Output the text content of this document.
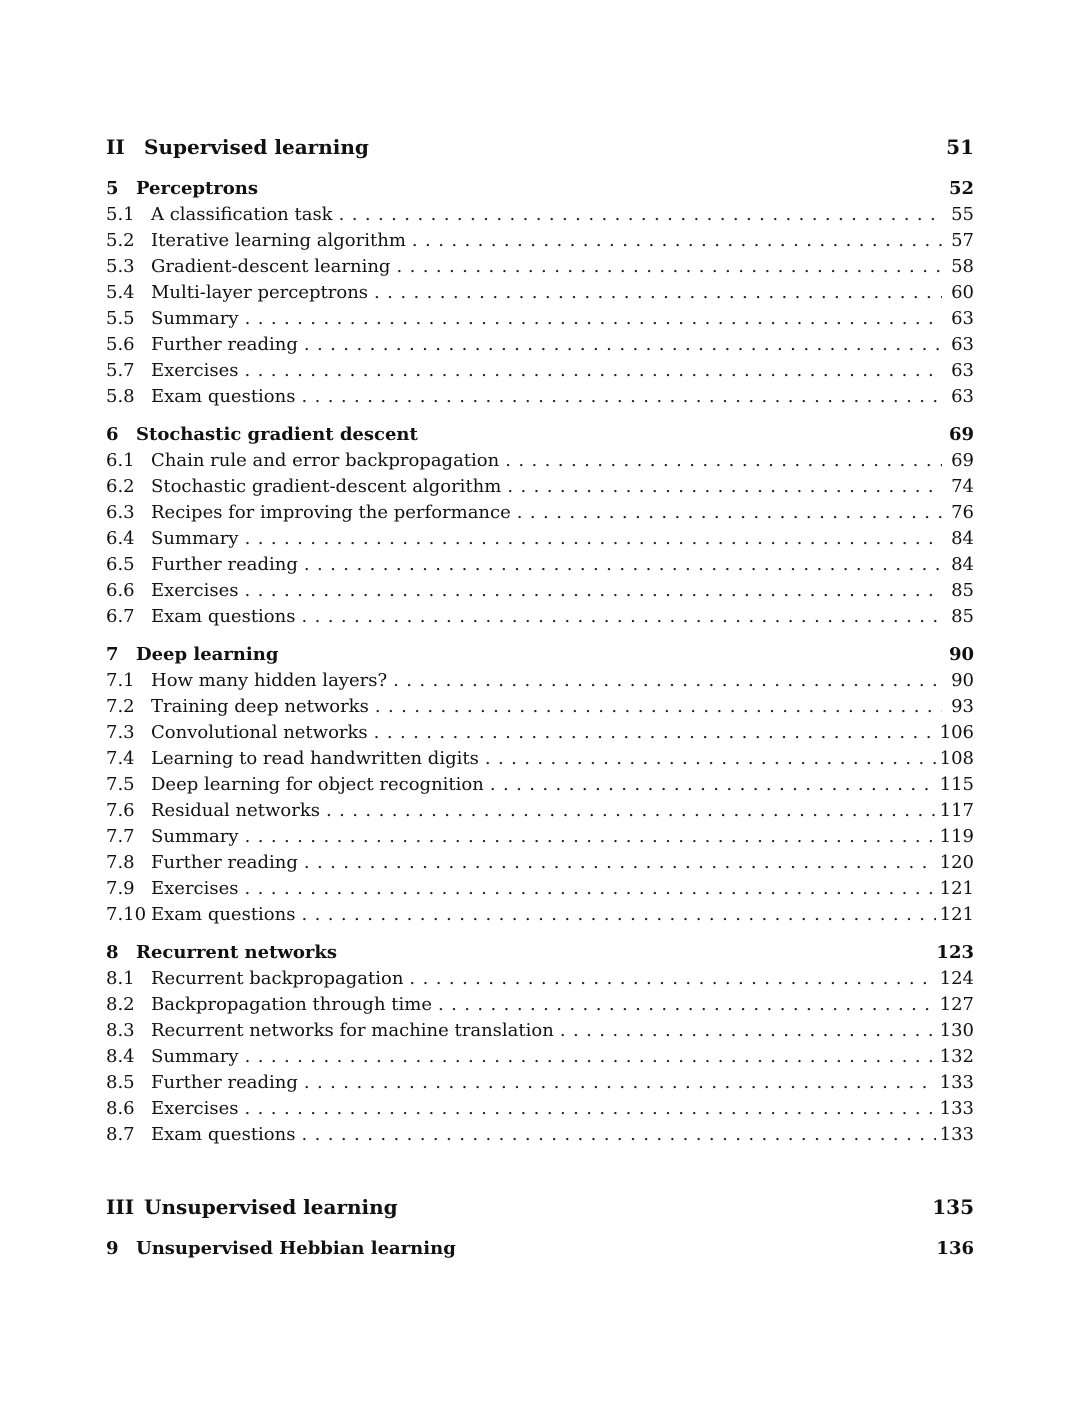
II Supervised learning	51
5 Perceptrons	52
5.1 A classification task . . .	55
5.2 Iterative learning algorithm . . .	57
5.3 Gradient-descent learning . . .	58
5.4 Multi-layer perceptrons . . .	60
5.5 Summary . . .	63
5.6 Further reading . . .	63
5.7 Exercises . . .	63
5.8 Exam questions . . .	63
6 Stochastic gradient descent	69
6.1 Chain rule and error backpropagation . . .	69
6.2 Stochastic gradient-descent algorithm . . .	74
6.3 Recipes for improving the performance . . .	76
6.4 Summary . . .	84
6.5 Further reading . . .	84
6.6 Exercises . . .	85
6.7 Exam questions . . .	85
7 Deep learning	90
7.1 How many hidden layers? . . .	90
7.2 Training deep networks . . .	93
7.3 Convolutional networks . . .	106
7.4 Learning to read handwritten digits . . .	108
7.5 Deep learning for object recognition . . .	115
7.6 Residual networks . . .	117
7.7 Summary . . .	119
7.8 Further reading . . .	120
7.9 Exercises . . .	121
7.10 Exam questions . . .	121
8 Recurrent networks	123
8.1 Recurrent backpropagation . . .	124
8.2 Backpropagation through time . . .	127
8.3 Recurrent networks for machine translation . . .	130
8.4 Summary . . .	132
8.5 Further reading . . .	133
8.6 Exercises . . .	133
8.7 Exam questions . . .	133
III Unsupervised learning	135
9 Unsupervised Hebbian learning	136
